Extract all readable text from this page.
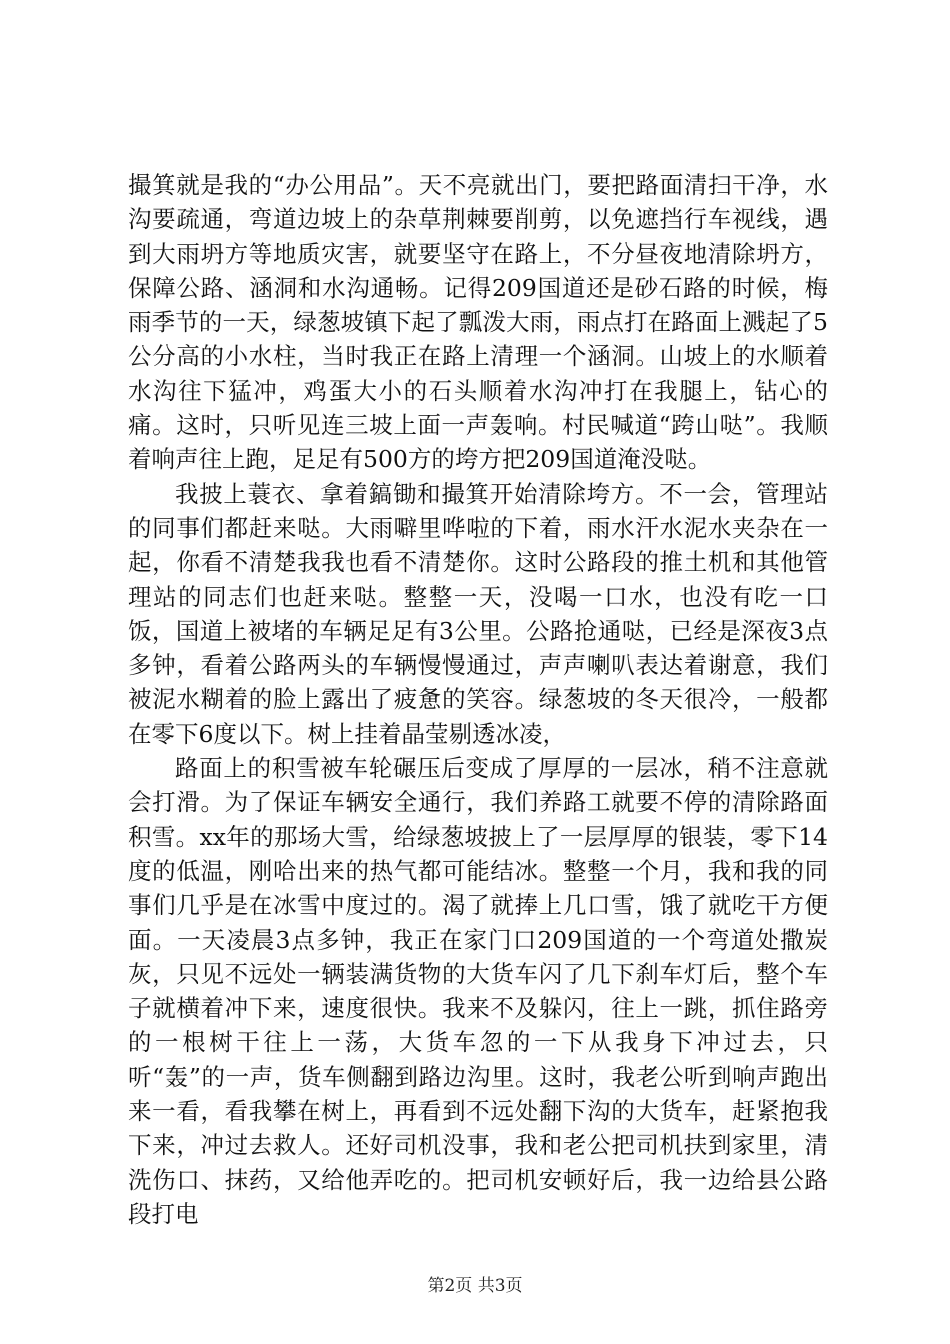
撮箕就是我的“办公用品”。天不亮就出门，要把路面清扫干净，水沟要疏通，弯道边坡上的杂草荆棘要削剪，以免遮挡行车视线，遇到大雨坍方等地质灾害，就要坚守在路上，不分昼夜地清除坍方，保障公路、涵洞和水沟通畅。记得209国道还是砂石路的时候，梅雨季节的一天，绿葱坡镇下起了瓢泼大雨，雨点打在路面上溅起了5公分高的小水柱，当时我正在路上清理一个涵洞。山坡上的水顺着水沟往下猛冲，鸡蛋大小的石头顺着水沟冲打在我腿上，钻心的痛。这时，只听见连三坡上面一声轰响。村民喊道“跨山哒”。我顺着响声往上跑，足足有500方的垮方把209国道淹没哒。

我披上蓑衣、拿着鎬锄和撮箕开始清除垮方。不一会，管理站的同事们都赶来哒。大雨噼里哗啦的下着，雨水汗水泥水夹杂在一起，你看不清楚我我也看不清楚你。这时公路段的推土机和其他管理站的同志们也赶来哒。整整一天，没喝一口水，也没有吃一口饭，国道上被堵的车辆足足有3公里。公路抢通哒，已经是深夜3点多钟，看着公路两头的车辆慢慢通过，声声喇叭表达着谢意，我们被泥水糊着的脸上露出了疲惫的笑容。绿葱坡的冬天很冷，一般都在零下6度以下。树上挂着晶莹剔透冰凌，

路面上的积雪被车轮碾压后变成了厚厚的一层冰，稍不注意就会打滑。为了保证车辆安全通行，我们养路工就要不停的清除路面积雪。xx年的那场大雪，给绿葱坡披上了一层厚厚的银装，零下14度的低温，刚哈出来的热气都可能结冰。整整一个月，我和我的同事们几乎是在冰雪中度过的。渴了就捧上几口雪，饿了就吃干方便面。一天凌晨3点多钟，我正在家门口209国道的一个弯道处撒炭灰，只见不远处一辆装满货物的大货车闪了几下刹车灯后，整个车子就横着冲下来，速度很快。我来不及躲闪，往上一跳，抓住路旁的一根树干往上一荡，大货车忽的一下从我身下冲过去，只听“轰”的一声，货车侧翻到路边沟里。这时，我老公听到响声跑出来一看，看我攀在树上，再看到不远处翻下沟的大货车，赶紧抱我下来，冲过去救人。还好司机没事，我和老公把司机扶到家里，清洗伤口、抹药，又给他弄吃的。把司机安顿好后，我一边给县公路段打电

第2页 共3页
